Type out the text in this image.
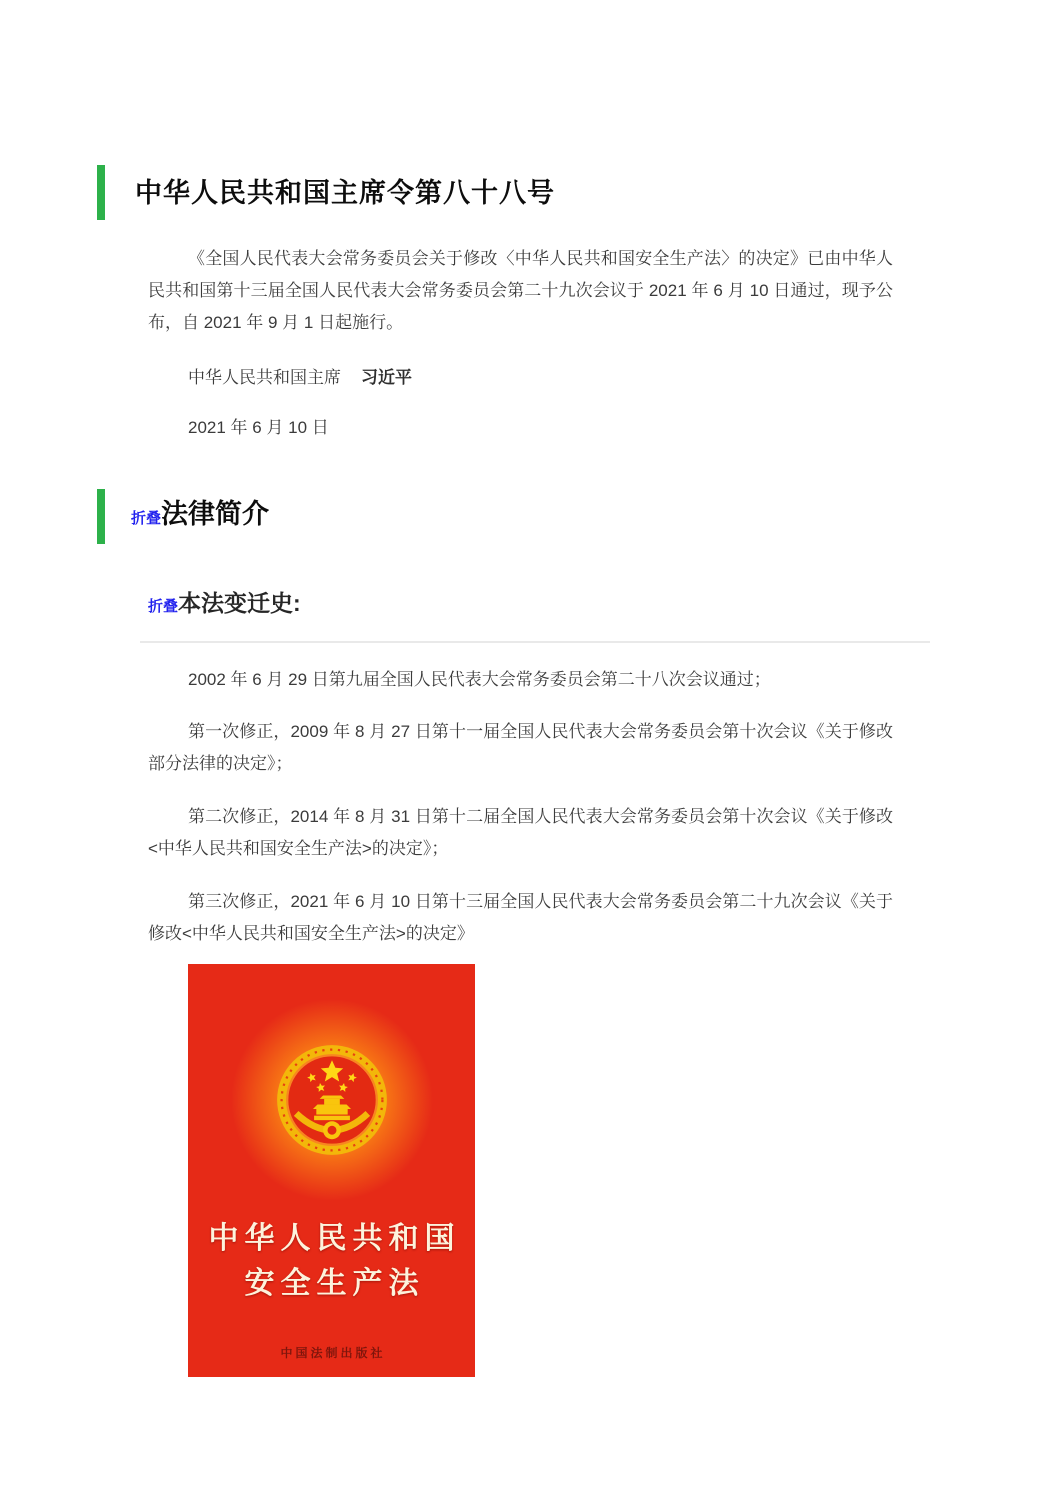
中华人民共和国主席令第八十八号

《全国人民代表大会常务委员会关于修改〈中华人民共和国安全生产法〉的决定》已由中华人民共和国第十三届全国人民代表大会常务委员会第二十九次会议于 2021 年 6 月 10 日通过，现予公布，自 2021 年 9 月 1 日起施行。

中华人民共和国主席 习近平

2021 年 6 月 10 日

折叠法律简介
折叠本法变迁史:

2002 年 6 月 29 日第九届全国人民代表大会常务委员会第二十八次会议通过；

第一次修正，2009 年 8 月 27 日第十一届全国人民代表大会常务委员会第十次会议《关于修改部分法律的决定》；

第二次修正，2014 年 8 月 31 日第十二届全国人民代表大会常务委员会第十次会议《关于修改<中华人民共和国安全生产法>的决定》；

第三次修正，2021 年 6 月 10 日第十三届全国人民代表大会常务委员会第二十九次会议《关于修改<中华人民共和国安全生产法>的决定》

中华人民共和国
安全生产法
中国法制出版社
